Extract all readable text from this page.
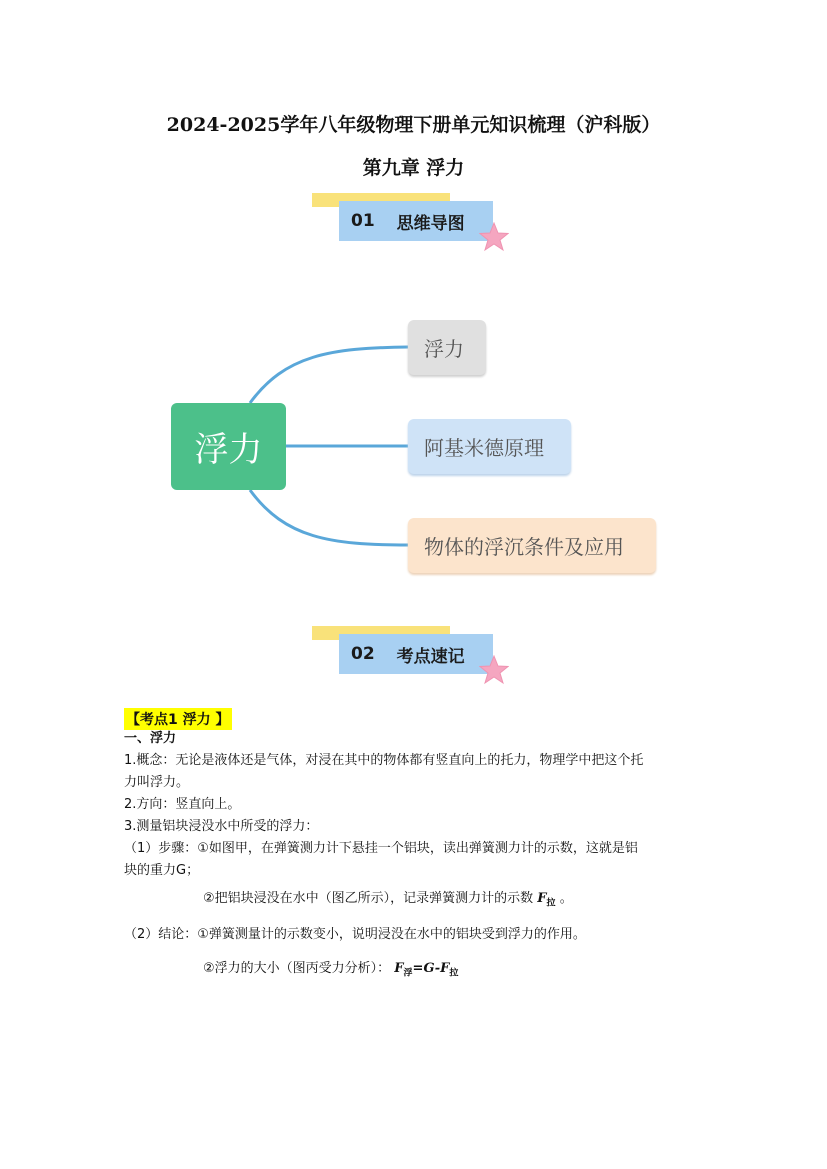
2024-2025学年八年级物理下册单元知识梳理（沪科版）
第九章 浮力
01 思维导图
浮力
浮力
阿基米德原理
物体的浮沉条件及应用
02 考点速记
【考点1 浮力 】
一、浮力
1.概念：无论是液体还是气体，对浸在其中的物体都有竖直向上的托力，物理学中把这个托
力叫浮力。
2.方向：竖直向上。
3.测量铝块浸没水中所受的浮力：
（1）步骤：①如图甲，在弹簧测力计下悬挂一个铝块，读出弹簧测力计的示数，这就是铝
块的重力G；
②把铝块浸没在水中（图乙所示），记录弹簧测力计的示数 $F_拉$ 。
（2）结论：①弹簧测量计的示数变小，说明浸没在水中的铝块受到浮力的作用。
②浮力的大小（图丙受力分析）： $F_浮=G-F_拉$
